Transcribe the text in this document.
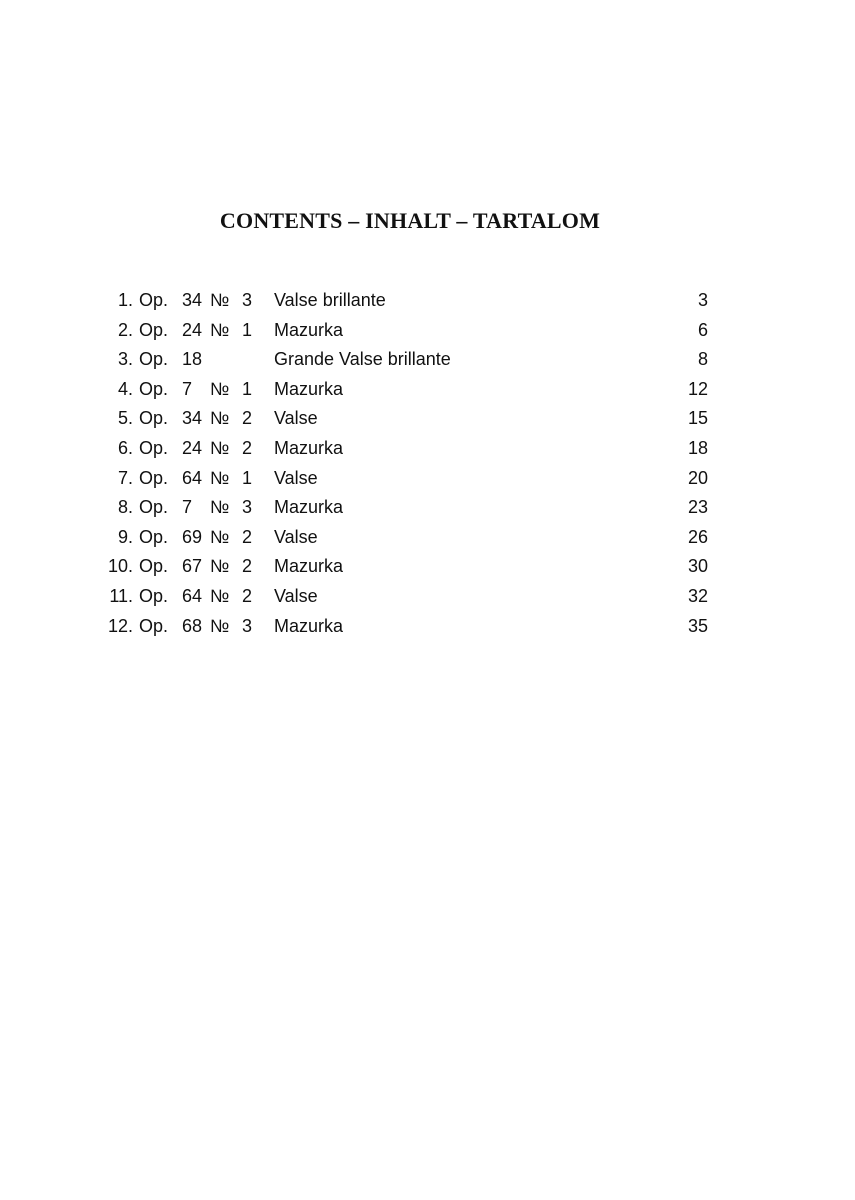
CONTENTS – INHALT – TARTALOM
1. Op. 34 № 3 Valse brillante	3
2. Op. 24 № 1 Mazurka	6
3. Op. 18	Grande Valse brillante	8
4. Op. 7 № 1 Mazurka	12
5. Op. 34 № 2 Valse	15
6. Op. 24 № 2 Mazurka	18
7. Op. 64 № 1 Valse	20
8. Op. 7 № 3 Mazurka	23
9. Op. 69 № 2 Valse	26
10. Op. 67 № 2 Mazurka	30
11. Op. 64 № 2 Valse	32
12. Op. 68 № 3 Mazurka	35
